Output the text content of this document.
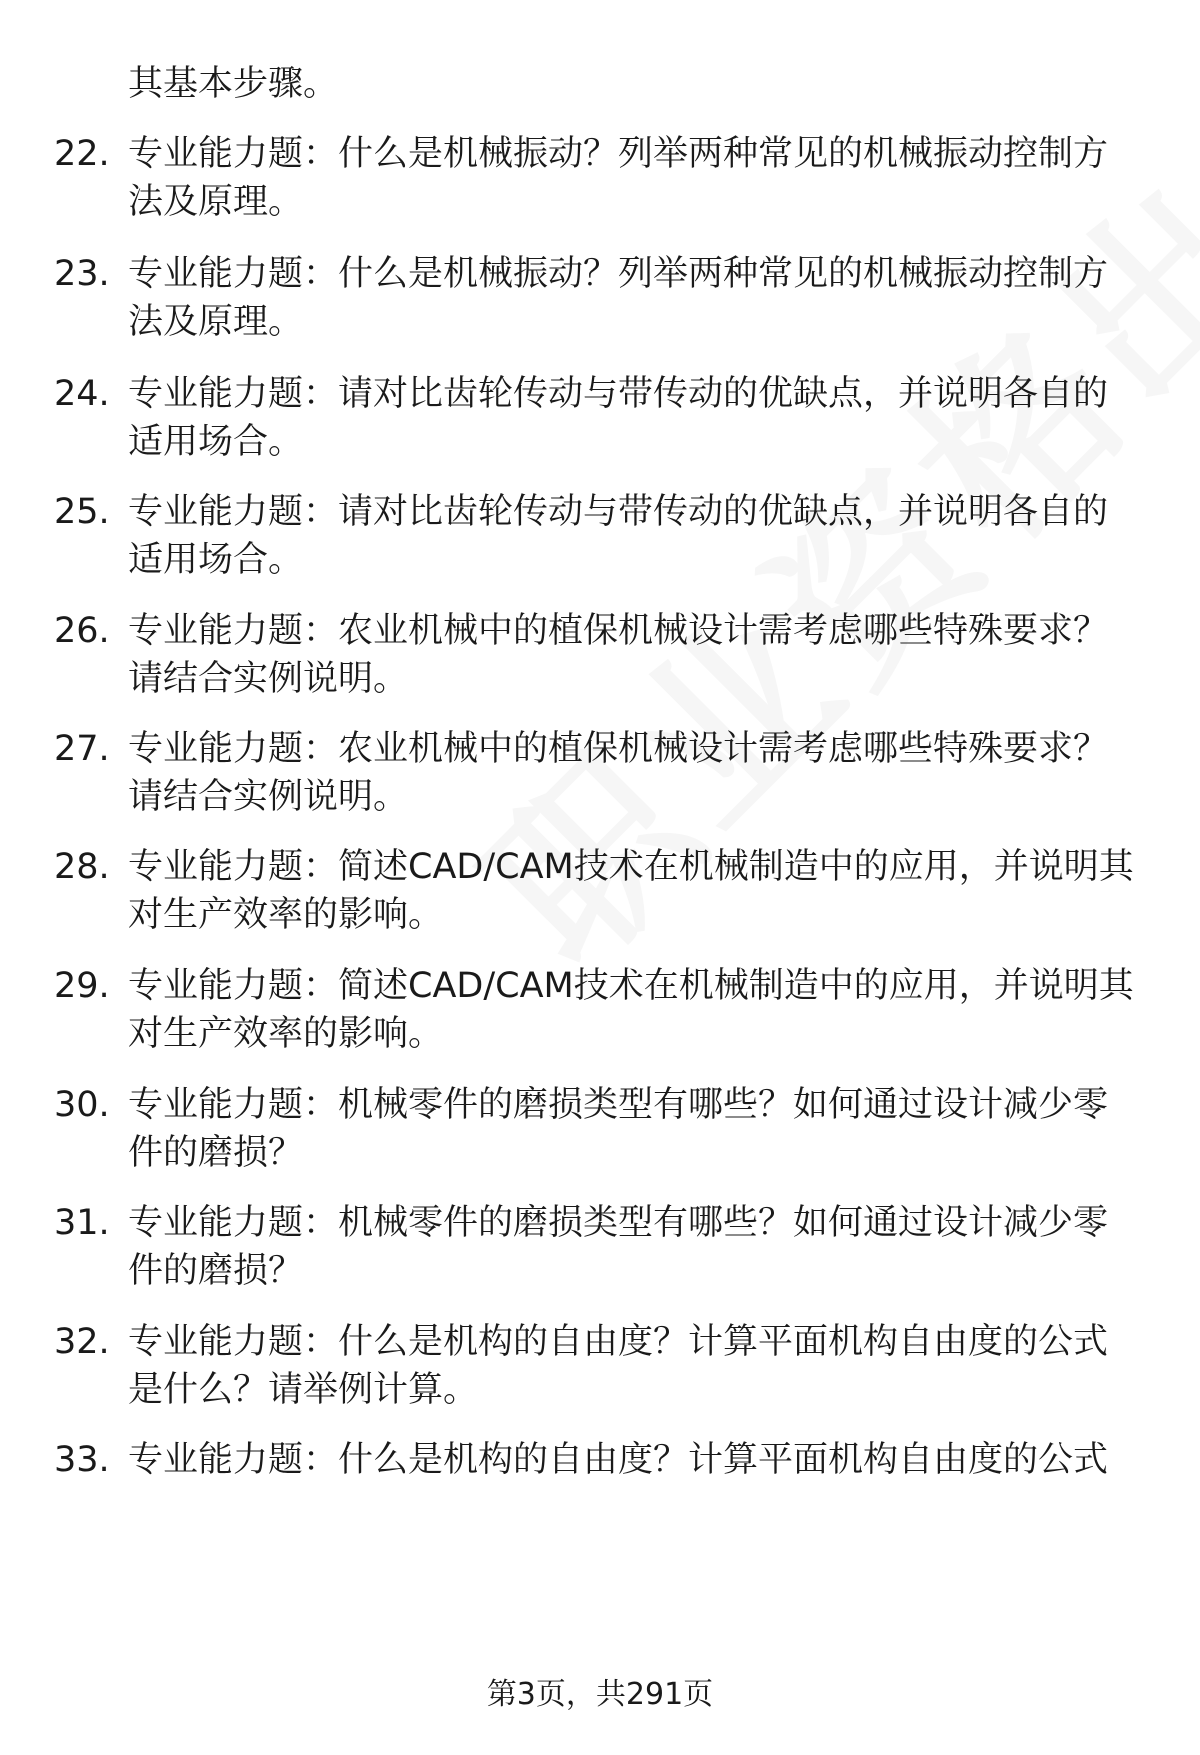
其基本步骤。
22. 专业能力题：什么是机械振动？列举两种常见的机械振动控制方法及原理。
23. 专业能力题：什么是机械振动？列举两种常见的机械振动控制方法及原理。
24. 专业能力题：请对比齿轮传动与带传动的优缺点，并说明各自的适用场合。
25. 专业能力题：请对比齿轮传动与带传动的优缺点，并说明各自的适用场合。
26. 专业能力题：农业机械中的植保机械设计需考虑哪些特殊要求？请结合实例说明。
27. 专业能力题：农业机械中的植保机械设计需考虑哪些特殊要求？请结合实例说明。
28. 专业能力题：简述CAD/CAM技术在机械制造中的应用，并说明其对生产效率的影响。
29. 专业能力题：简述CAD/CAM技术在机械制造中的应用，并说明其对生产效率的影响。
30. 专业能力题：机械零件的磨损类型有哪些？如何通过设计减少零件的磨损？
31. 专业能力题：机械零件的磨损类型有哪些？如何通过设计减少零件的磨损？
32. 专业能力题：什么是机构的自由度？计算平面机构自由度的公式是什么？请举例计算。
33. 专业能力题：什么是机构的自由度？计算平面机构自由度的公式
第3页，共291页
